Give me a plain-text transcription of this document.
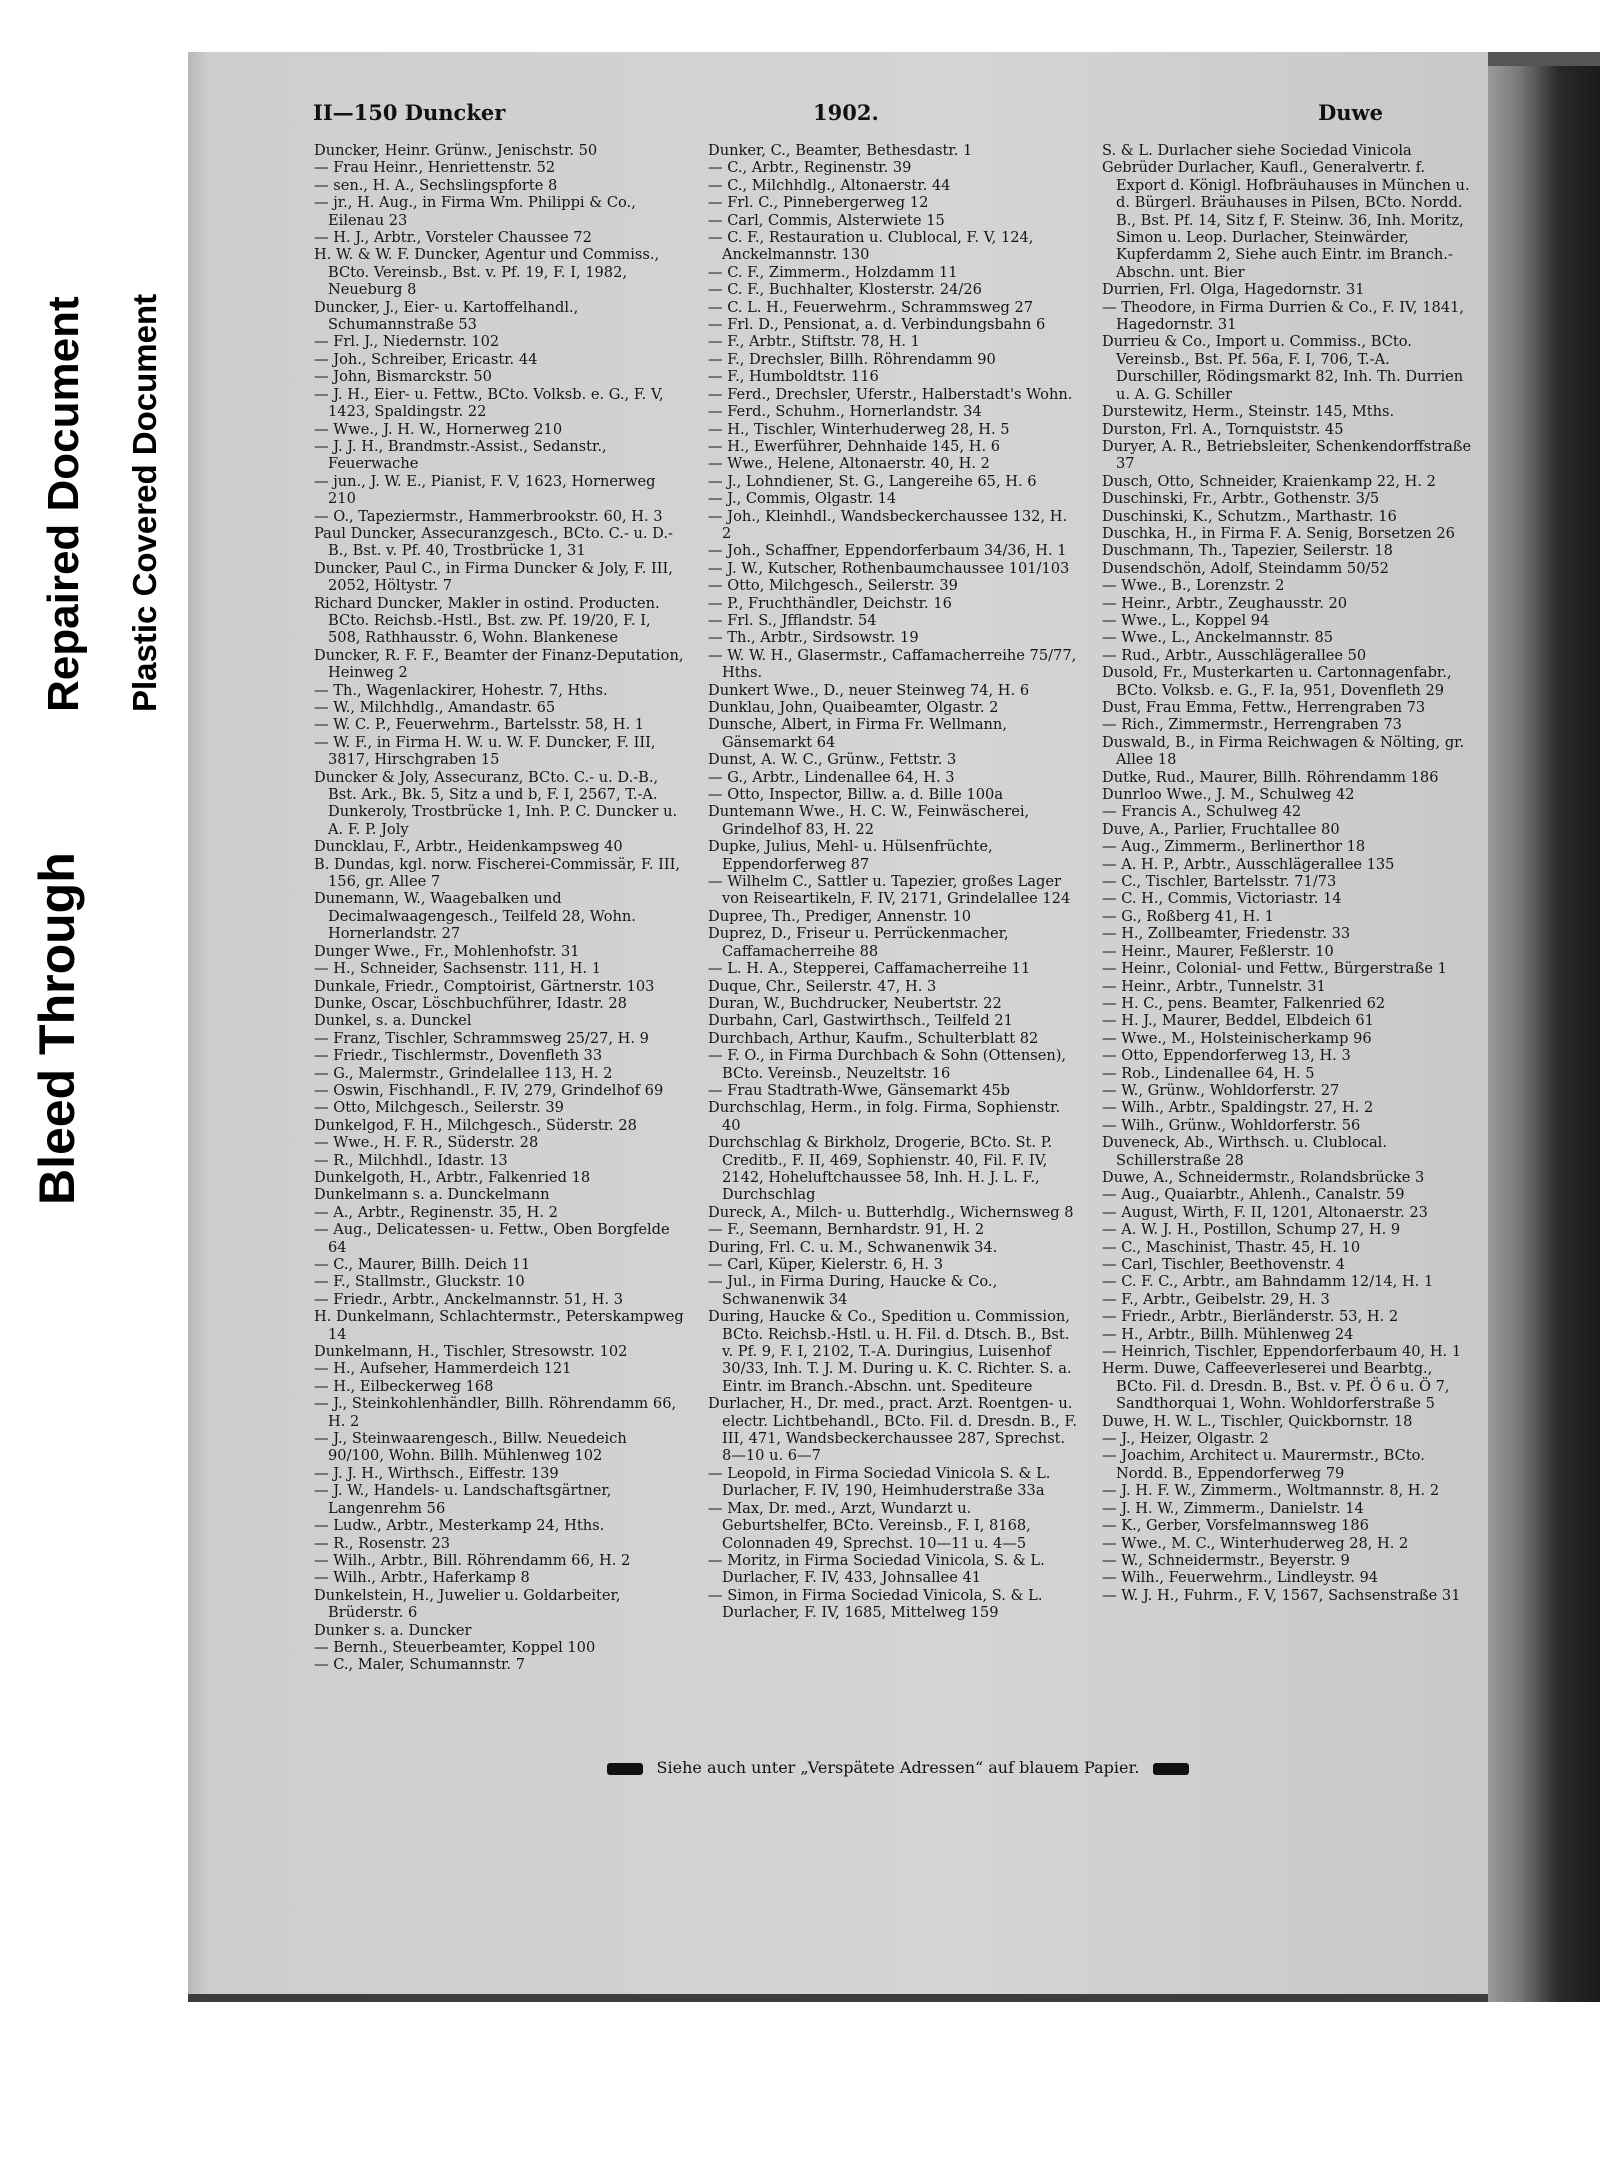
Bleed Through
Repaired Document Plastic Covered Document
II—150 Duncker	1902.	Duwe

Duncker, Heinr. Grünw., Jenischstr. 50

— Frau Heinr., Henriettenstr. 52

— sen., H. A., Sechslingspforte 8

— jr., H. Aug., in Firma Wm. Philippi & Co., Eilenau 23

— H. J., Arbtr., Vorsteler Chaussee 72

H. W. & W. F. Duncker, Agentur und Commiss., BCto. Vereinsb., Bst. v. Pf. 19, F. I, 1982, Neueburg 8

Duncker, J., Eier- u. Kartoffelhandl., Schumannstraße 53

— Frl. J., Niedernstr. 102

— Joh., Schreiber, Ericastr. 44

— John, Bismarckstr. 50

— J. H., Eier- u. Fettw., BCto. Volksb. e. G., F. V, 1423, Spaldingstr. 22

— Wwe., J. H. W., Hornerweg 210

— J. J. H., Brandmstr.-Assist., Sedanstr., Feuerwache

— jun., J. W. E., Pianist, F. V, 1623, Hornerweg 210

— O., Tapeziermstr., Hammerbrookstr. 60, H. 3

Paul Duncker, Assecuranzgesch., BCto. C.- u. D.-B., Bst. v. Pf. 40, Trostbrücke 1, 31

Duncker, Paul C., in Firma Duncker & Joly, F. III, 2052, Höltystr. 7

Richard Duncker, Makler in ostind. Producten. BCto. Reichsb.-Hstl., Bst. zw. Pf. 19/20, F. I, 508, Rathhausstr. 6, Wohn. Blankenese

Duncker, R. F. F., Beamter der Finanz-Deputation, Heinweg 2

— Th., Wagenlackirer, Hohestr. 7, Hths.

— W., Milchhdlg., Amandastr. 65

— W. C. P., Feuerwehrm., Bartelsstr. 58, H. 1

— W. F., in Firma H. W. u. W. F. Duncker, F. III, 3817, Hirschgraben 15

Duncker & Joly, Assecuranz, BCto. C.- u. D.-B., Bst. Ark., Bk. 5, Sitz a und b, F. I, 2567, T.-A. Dunkeroly, Trostbrücke 1, Inh. P. C. Duncker u. A. F. P. Joly

Duncklau, F., Arbtr., Heidenkampsweg 40

B. Dundas, kgl. norw. Fischerei-Commissär, F. III, 156, gr. Allee 7

Dunemann, W., Waagebalken und Decimalwaagengesch., Teilfeld 28, Wohn. Hornerlandstr. 27

Dunger Wwe., Fr., Mohlenhofstr. 31

— H., Schneider, Sachsenstr. 111, H. 1

Dunkale, Friedr., Comptoirist, Gärtnerstr. 103

Dunke, Oscar, Löschbuchführer, Idastr. 28

Dunkel, s. a. Dunckel

— Franz, Tischler, Schrammsweg 25/27, H. 9

— Friedr., Tischlermstr., Dovenfleth 33

— G., Malermstr., Grindelallee 113, H. 2

— Oswin, Fischhandl., F. IV, 279, Grindelhof 69

— Otto, Milchgesch., Seilerstr. 39

Dunkelgod, F. H., Milchgesch., Süderstr. 28

— Wwe., H. F. R., Süderstr. 28

— R., Milchhdl., Idastr. 13

Dunkelgoth, H., Arbtr., Falkenried 18

Dunkelmann s. a. Dunckelmann

— A., Arbtr., Reginenstr. 35, H. 2

— Aug., Delicatessen- u. Fettw., Oben Borgfelde 64

— C., Maurer, Billh. Deich 11

— F., Stallmstr., Gluckstr. 10

— Friedr., Arbtr., Anckelmannstr. 51, H. 3

H. Dunkelmann, Schlachtermstr., Peterskampweg 14

Dunkelmann, H., Tischler, Stresowstr. 102

— H., Aufseher, Hammerdeich 121

— H., Eilbeckerweg 168

— J., Steinkohlenhändler, Billh. Röhrendamm 66, H. 2

— J., Steinwaarengesch., Billw. Neuedeich 90/100, Wohn. Billh. Mühlenweg 102

— J. J. H., Wirthsch., Eiffestr. 139

— J. W., Handels- u. Landschaftsgärtner, Langenrehm 56

— Ludw., Arbtr., Mesterkamp 24, Hths.

— R., Rosenstr. 23

— Wilh., Arbtr., Bill. Röhrendamm 66, H. 2

— Wilh., Arbtr., Haferkamp 8

Dunkelstein, H., Juwelier u. Goldarbeiter, Brüderstr. 6

Dunker s. a. Duncker

— Bernh., Steuerbeamter, Koppel 100

— C., Maler, Schumannstr. 7

Dunker, C., Beamter, Bethesdastr. 1

— C., Arbtr., Reginenstr. 39

— C., Milchhdlg., Altonaerstr. 44

— Frl. C., Pinnebergerweg 12

— Carl, Commis, Alsterwiete 15

— C. F., Restauration u. Clublocal, F. V, 124, Anckelmannstr. 130

— C. F., Zimmerm., Holzdamm 11

— C. F., Buchhalter, Klosterstr. 24/26

— C. L. H., Feuerwehrm., Schrammsweg 27

— Frl. D., Pensionat, a. d. Verbindungsbahn 6

— F., Arbtr., Stiftstr. 78, H. 1

— F., Drechsler, Billh. Röhrendamm 90

— F., Humboldtstr. 116

— Ferd., Drechsler, Uferstr., Halberstadt's Wohn.

— Ferd., Schuhm., Hornerlandstr. 34

— H., Tischler, Winterhuderweg 28, H. 5

— H., Ewerführer, Dehnhaide 145, H. 6

— Wwe., Helene, Altonaerstr. 40, H. 2

— J., Lohndiener, St. G., Langereihe 65, H. 6

— J., Commis, Olgastr. 14

— Joh., Kleinhdl., Wandsbeckerchaussee 132, H. 2

— Joh., Schaffner, Eppendorferbaum 34/36, H. 1

— J. W., Kutscher, Rothenbaumchaussee 101/103

— Otto, Milchgesch., Seilerstr. 39

— P., Fruchthändler, Deichstr. 16

— Frl. S., Jfflandstr. 54

— Th., Arbtr., Sirdsowstr. 19

— W. W. H., Glasermstr., Caffamacherreihe 75/77, Hths.

Dunkert Wwe., D., neuer Steinweg 74, H. 6

Dunklau, John, Quaibeamter, Olgastr. 2

Dunsche, Albert, in Firma Fr. Wellmann, Gänsemarkt 64

Dunst, A. W. C., Grünw., Fettstr. 3

— G., Arbtr., Lindenallee 64, H. 3

— Otto, Inspector, Billw. a. d. Bille 100a

Duntemann Wwe., H. C. W., Feinwäscherei, Grindelhof 83, H. 22

Dupke, Julius, Mehl- u. Hülsenfrüchte, Eppendorferweg 87

— Wilhelm C., Sattler u. Tapezier, großes Lager von Reiseartikeln, F. IV, 2171, Grindelallee 124

Dupree, Th., Prediger, Annenstr. 10

Duprez, D., Friseur u. Perrückenmacher, Caffamacherreihe 88

— L. H. A., Stepperei, Caffamacherreihe 11

Duque, Chr., Seilerstr. 47, H. 3

Duran, W., Buchdrucker, Neubertstr. 22

Durbahn, Carl, Gastwirthsch., Teilfeld 21

Durchbach, Arthur, Kaufm., Schulterblatt 82

— F. O., in Firma Durchbach & Sohn (Ottensen), BCto. Vereinsb., Neuzeltstr. 16

— Frau Stadtrath-Wwe, Gänsemarkt 45b

Durchschlag, Herm., in folg. Firma, Sophienstr. 40

Durchschlag & Birkholz, Drogerie, BCto. St. P. Creditb., F. II, 469, Sophienstr. 40, Fil. F. IV, 2142, Hoheluftchaussee 58, Inh. H. J. L. F., Durchschlag

Dureck, A., Milch- u. Butterhdlg., Wichernsweg 8

— F., Seemann, Bernhardstr. 91, H. 2

During, Frl. C. u. M., Schwanenwik 34.

— Carl, Küper, Kielerstr. 6, H. 3

— Jul., in Firma During, Haucke & Co., Schwanenwik 34

During, Haucke & Co., Spedition u. Commission, BCto. Reichsb.-Hstl. u. H. Fil. d. Dtsch. B., Bst. v. Pf. 9, F. I, 2102, T.-A. Duringius, Luisenhof 30/33, Inh. T. J. M. During u. K. C. Richter. S. a. Eintr. im Branch.-Abschn. unt. Spediteure

Durlacher, H., Dr. med., pract. Arzt. Roentgen- u. electr. Lichtbehandl., BCto. Fil. d. Dresdn. B., F. III, 471, Wandsbeckerchaussee 287, Sprechst. 8—10 u. 6—7

— Leopold, in Firma Sociedad Vinicola S. & L. Durlacher, F. IV, 190, Heimhuderstraße 33a

— Max, Dr. med., Arzt, Wundarzt u. Geburtshelfer, BCto. Vereinsb., F. I, 8168, Colonnaden 49, Sprechst. 10—11 u. 4—5

— Moritz, in Firma Sociedad Vinicola, S. & L. Durlacher, F. IV, 433, Johnsallee 41

— Simon, in Firma Sociedad Vinicola, S. & L. Durlacher, F. IV, 1685, Mittelweg 159

S. & L. Durlacher siehe Sociedad Vinicola

Gebrüder Durlacher, Kaufl., Generalvertr. f. Export d. Königl. Hofbräuhauses in München u. d. Bürgerl. Bräuhauses in Pilsen, BCto. Nordd. B., Bst. Pf. 14, Sitz f, F. Steinw. 36, Inh. Moritz, Simon u. Leop. Durlacher, Steinwärder, Kupferdamm 2, Siehe auch Eintr. im Branch.-Abschn. unt. Bier

Durrien, Frl. Olga, Hagedornstr. 31

— Theodore, in Firma Durrien & Co., F. IV, 1841, Hagedornstr. 31

Durrieu & Co., Import u. Commiss., BCto. Vereinsb., Bst. Pf. 56a, F. I, 706, T.-A. Durschiller, Rödingsmarkt 82, Inh. Th. Durrien u. A. G. Schiller

Durstewitz, Herm., Steinstr. 145, Mths.

Durston, Frl. A., Tornquiststr. 45

Duryer, A. R., Betriebsleiter, Schenkendorffstraße 37

Dusch, Otto, Schneider, Kraienkamp 22, H. 2

Duschinski, Fr., Arbtr., Gothenstr. 3/5

Duschinski, K., Schutzm., Marthastr. 16

Duschka, H., in Firma F. A. Senig, Borsetzen 26

Duschmann, Th., Tapezier, Seilerstr. 18

Dusendschön, Adolf, Steindamm 50/52

— Wwe., B., Lorenzstr. 2

— Heinr., Arbtr., Zeughausstr. 20

— Wwe., L., Koppel 94

— Wwe., L., Anckelmannstr. 85

— Rud., Arbtr., Ausschlägerallee 50

Dusold, Fr., Musterkarten u. Cartonnagenfabr., BCto. Volksb. e. G., F. Ia, 951, Dovenfleth 29

Dust, Frau Emma, Fettw., Herrengraben 73

— Rich., Zimmermstr., Herrengraben 73

Duswald, B., in Firma Reichwagen & Nölting, gr. Allee 18

Dutke, Rud., Maurer, Billh. Röhrendamm 186

Dunrloo Wwe., J. M., Schulweg 42

— Francis A., Schulweg 42

Duve, A., Parlier, Fruchtallee 80

— Aug., Zimmerm., Berlinerthor 18

— A. H. P., Arbtr., Ausschlägerallee 135

— C., Tischler, Bartelsstr. 71/73

— C. H., Commis, Victoriastr. 14

— G., Roßberg 41, H. 1

— H., Zollbeamter, Friedenstr. 33

— Heinr., Maurer, Feßlerstr. 10

— Heinr., Colonial- und Fettw., Bürgerstraße 1

— Heinr., Arbtr., Tunnelstr. 31

— H. C., pens. Beamter, Falkenried 62

— H. J., Maurer, Beddel, Elbdeich 61

— Wwe., M., Holsteinischerkamp 96

— Otto, Eppendorferweg 13, H. 3

— Rob., Lindenallee 64, H. 5

— W., Grünw., Wohldorferstr. 27

— Wilh., Arbtr., Spaldingstr. 27, H. 2

— Wilh., Grünw., Wohldorferstr. 56

Duveneck, Ab., Wirthsch. u. Clublocal. Schillerstraße 28

Duwe, A., Schneidermstr., Rolandsbrücke 3

— Aug., Quaiarbtr., Ahlenh., Canalstr. 59

— August, Wirth, F. II, 1201, Altonaerstr. 23

— A. W. J. H., Postillon, Schump 27, H. 9

— C., Maschinist, Thastr. 45, H. 10

— Carl, Tischler, Beethovenstr. 4

— C. F. C., Arbtr., am Bahndamm 12/14, H. 1

— F., Arbtr., Geibelstr. 29, H. 3

— Friedr., Arbtr., Bierländerstr. 53, H. 2

— H., Arbtr., Billh. Mühlenweg 24

— Heinrich, Tischler, Eppendorferbaum 40, H. 1

Herm. Duwe, Caffeeverleserei und Bearbtg., BCto. Fil. d. Dresdn. B., Bst. v. Pf. Ö 6 u. Ö 7, Sandthorquai 1, Wohn. Wohldorferstraße 5

Duwe, H. W. L., Tischler, Quickbornstr. 18

— J., Heizer, Olgastr. 2

— Joachim, Architect u. Maurermstr., BCto. Nordd. B., Eppendorferweg 79

— J. H. F. W., Zimmerm., Woltmannstr. 8, H. 2

— J. H. W., Zimmerm., Danielstr. 14

— K., Gerber, Vorsfelmannsweg 186

— Wwe., M. C., Winterhuderweg 28, H. 2

— W., Schneidermstr., Beyerstr. 9

— Wilh., Feuerwehrm., Lindleystr. 94

— W. J. H., Fuhrm., F. V, 1567, Sachsenstraße 31

Siehe auch unter „Verspätete Adressen“ auf blauem Papier.
